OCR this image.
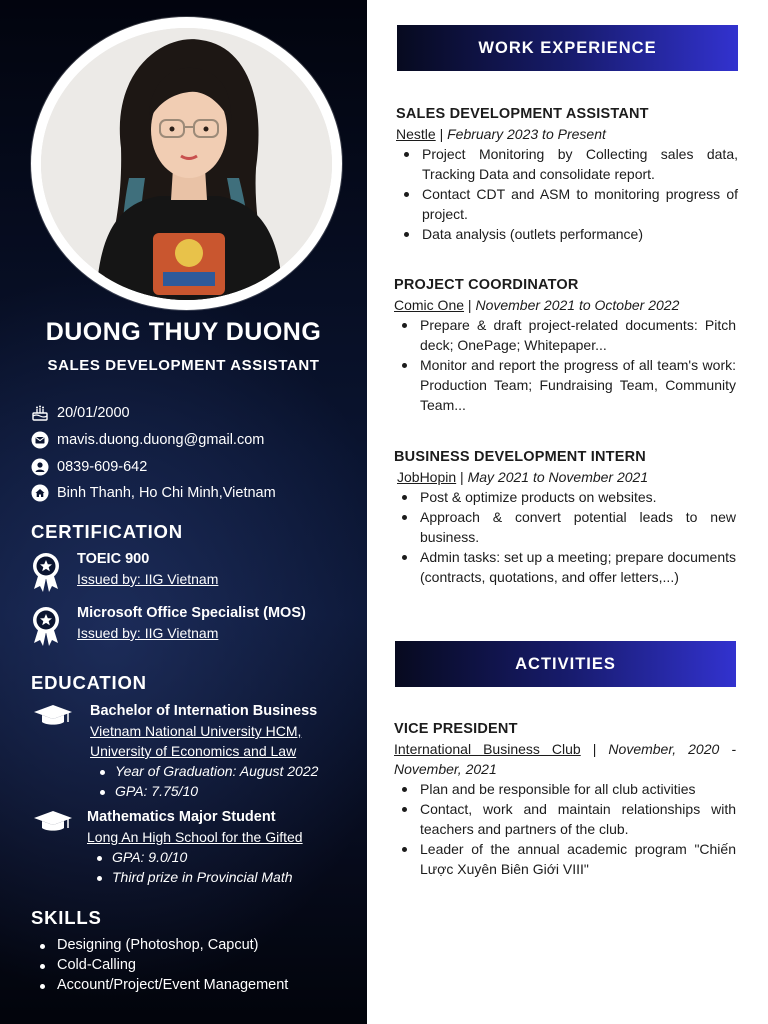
DUONG THUY DUONG
SALES DEVELOPMENT ASSISTANT
20/01/2000
mavis.duong.duong@gmail.com
0839-609-642
Binh Thanh, Ho Chi Minh,Vietnam
CERTIFICATION
TOEIC 900
Issued by: IIG Vietnam
Microsoft Office Specialist (MOS)
Issued by: IIG Vietnam
EDUCATION
Bachelor of Internation Business
Vietnam National University HCM,
University of Economics and Law
Year of Graduation: August 2022
GPA: 7.75/10
Mathematics Major Student
Long An High School for the Gifted
GPA: 9.0/10
Third prize in Provincial Math
SKILLS
Designing (Photoshop, Capcut)
Cold-Calling
Account/Project/Event Management
WORK EXPERIENCE
SALES DEVELOPMENT ASSISTANT
Nestle | February 2023 to Present
Project Monitoring by Collecting sales data, Tracking Data and consolidate report.
Contact CDT and ASM to monitoring progress of project.
Data analysis (outlets performance)
PROJECT COORDINATOR
Comic One | November 2021 to October 2022
Prepare & draft project-related documents: Pitch deck; OnePage; Whitepaper...
Monitor and report the progress of all team's work: Production Team; Fundraising Team, Community Team...
BUSINESS DEVELOPMENT INTERN
JobHopin | May 2021 to November 2021
Post & optimize products on websites.
Approach & convert potential leads to new business.
Admin tasks: set up a meeting; prepare documents (contracts, quotations, and offer letters,...)
ACTIVITIES
VICE PRESIDENT
International Business Club | November, 2020 - November, 2021
Plan and be responsible for all club activities
Contact, work and maintain relationships with teachers and partners of the club.
Leader of the annual academic program "Chiến Lược Xuyên Biên Giới VIII"
